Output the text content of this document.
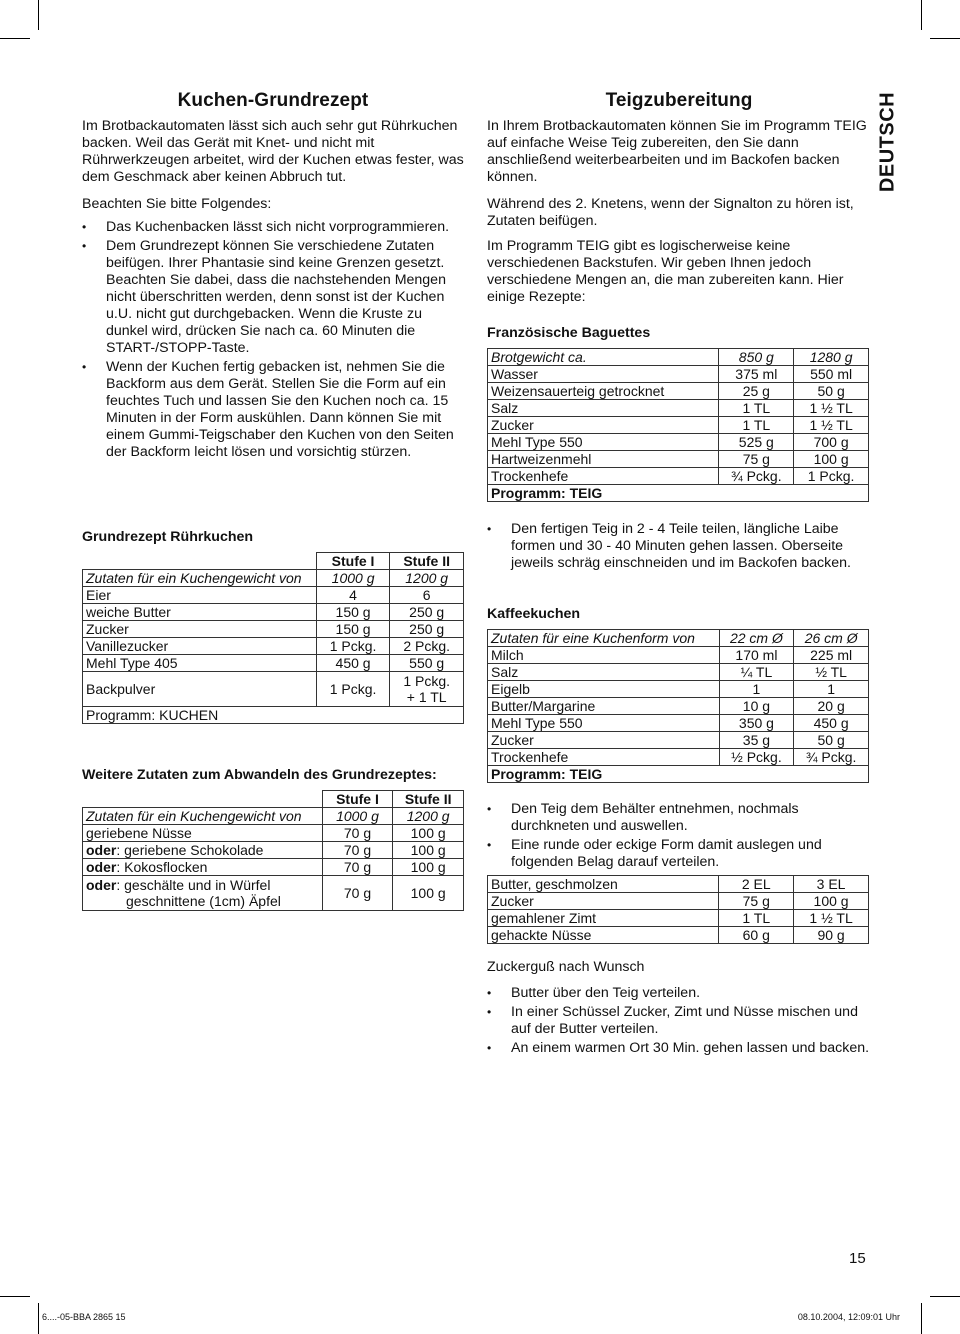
DEUTSCH
Kuchen-Grundrezept

Im Brotbackautomaten lässt sich auch sehr gut Rührkuchen backen. Weil das Gerät mit Knet- und nicht mit Rührwerkzeugen arbeitet, wird der Kuchen etwas fester, was dem Geschmack aber keinen Abbruch tut.

Beachten Sie bitte Folgendes:

• Das Kuchenbacken lässt sich nicht vorprogrammieren.
• Dem Grundrezept können Sie verschiedene Zutaten beifügen. Ihrer Phantasie sind keine Grenzen gesetzt. Beachten Sie dabei, dass die nachstehenden Mengen nicht überschritten werden, denn sonst ist der Kuchen u.U. nicht gut durchgebacken. Wenn die Kruste zu dunkel wird, drücken Sie nach ca. 60 Minuten die START-/STOPP-Taste.
• Wenn der Kuchen fertig gebacken ist, nehmen Sie die Backform aus dem Gerät. Stellen Sie die Form auf ein feuchtes Tuch und lassen Sie den Kuchen noch ca. 15 Minuten in der Form auskühlen. Dann können Sie mit einem Gummi-Teigschaber den Kuchen von den Seiten der Backform leicht lösen und vorsichtig stürzen.
Grundrezept Rührkuchen
	Stufe I	Stufe II
Zutaten für ein Kuchengewicht von	1000 g	1200 g
Eier	4	6
weiche Butter	150 g	250 g
Zucker	150 g	250 g
Vanillezucker	1 Pckg.	2 Pckg.
Mehl Type 405	450 g	550 g
Backpulver	1 Pckg.	1 Pckg.
+ 1 TL

Programm: KUCHEN		
Weitere Zutaten zum Abwandeln des Grundrezeptes:
	Stufe I	Stufe II
Zutaten für ein Kuchengewicht von	1000 g	1200 g
geriebene Nüsse	70 g	100 g
oder: geriebene Schokolade	70 g	100 g
oder: Kokosflocken	70 g	100 g

oder: geschälte und in Würfel
geschnittene (1cm) Äpfel	70 g	100 g
Teigzubereitung

In Ihrem Brotbackautomaten können Sie im Programm TEIG auf einfache Weise Teig zubereiten, den Sie dann anschließend weiterbearbeiten und im Backofen backen können.

Während des 2. Knetens, wenn der Signalton zu hören ist, Zutaten beifügen.

Im Programm TEIG gibt es logischerweise keine verschiedenen Backstufen. Wir geben Ihnen jedoch verschiedene Mengen an, die man zubereiten kann. Hier einige Rezepte:

Französische Baguettes
Brotgewicht ca.	850 g	1280 g
Wasser	375 ml	550 ml
Weizensauerteig getrocknet	25 g	50 g
Salz	1 TL	1 ½ TL
Zucker	1 TL	1 ½ TL
Mehl Type 550	525 g	700 g
Hartweizenmehl	75 g	100 g
Trockenhefe	¾ Pckg.	1 Pckg.
Programm: TEIG		
• Den fertigen Teig in 2 - 4 Teile teilen, längliche Laibe formen und 30 - 40 Minuten gehen lassen. Oberseite jeweils schräg einschneiden und im Backofen backen.
Kaffeekuchen
Zutaten für eine Kuchenform von	22 cm Ø	26 cm Ø
Milch	170 ml	225 ml
Salz	¼ TL	½ TL
Eigelb	1	1
Butter/Margarine	10 g	20 g
Mehl Type 550	350 g	450 g
Zucker	35 g	50 g
Trockenhefe	½ Pckg.	¾ Pckg.
Programm: TEIG		
• Den Teig dem Behälter entnehmen, nochmals durchkneten und auswellen.
• Eine runde oder eckige Form damit auslegen und folgenden Belag darauf verteilen.
Butter, geschmolzen	2 EL	3 EL
Zucker	75 g	100 g
gemahlener Zimt	1 TL	1 ½ TL
gehackte Nüsse	60 g	90 g

Zuckerguß nach Wunsch

• Butter über den Teig verteilen.
• In einer Schüssel Zucker, Zimt und Nüsse mischen und auf der Butter verteilen.
• An einem warmen Ort 30 Min. gehen lassen und backen.
15
6....-05-BBA 2865 15	08.10.2004, 12:09:01 Uhr
